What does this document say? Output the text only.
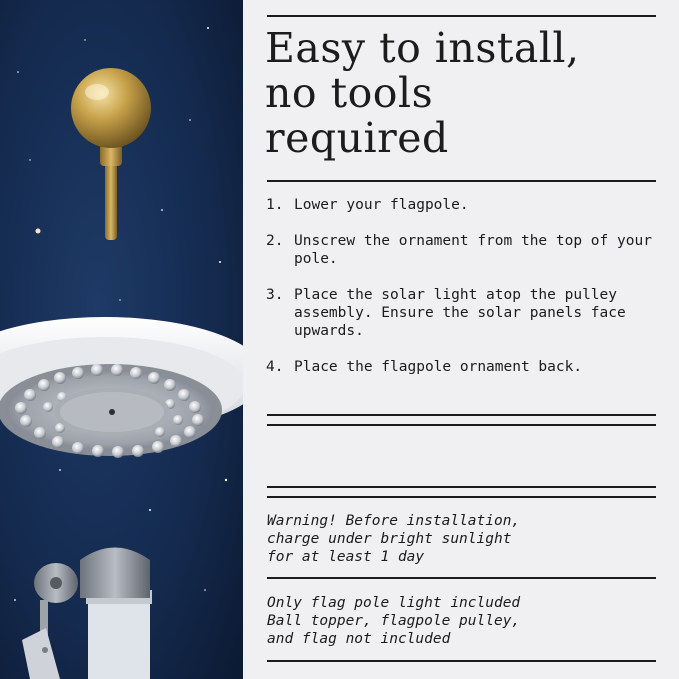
Easy to install,
no tools
required
1. Lower your flagpole.
2. Unscrew the ornament from the top of your pole.
3. Place the solar light atop the pulley assembly. Ensure the solar panels face upwards.
4. Place the flagpole ornament back.

Warning! Before installation,
charge under bright sunlight
for at least 1 day

Only flag pole light included
Ball topper, flagpole pulley,
and flag not included
